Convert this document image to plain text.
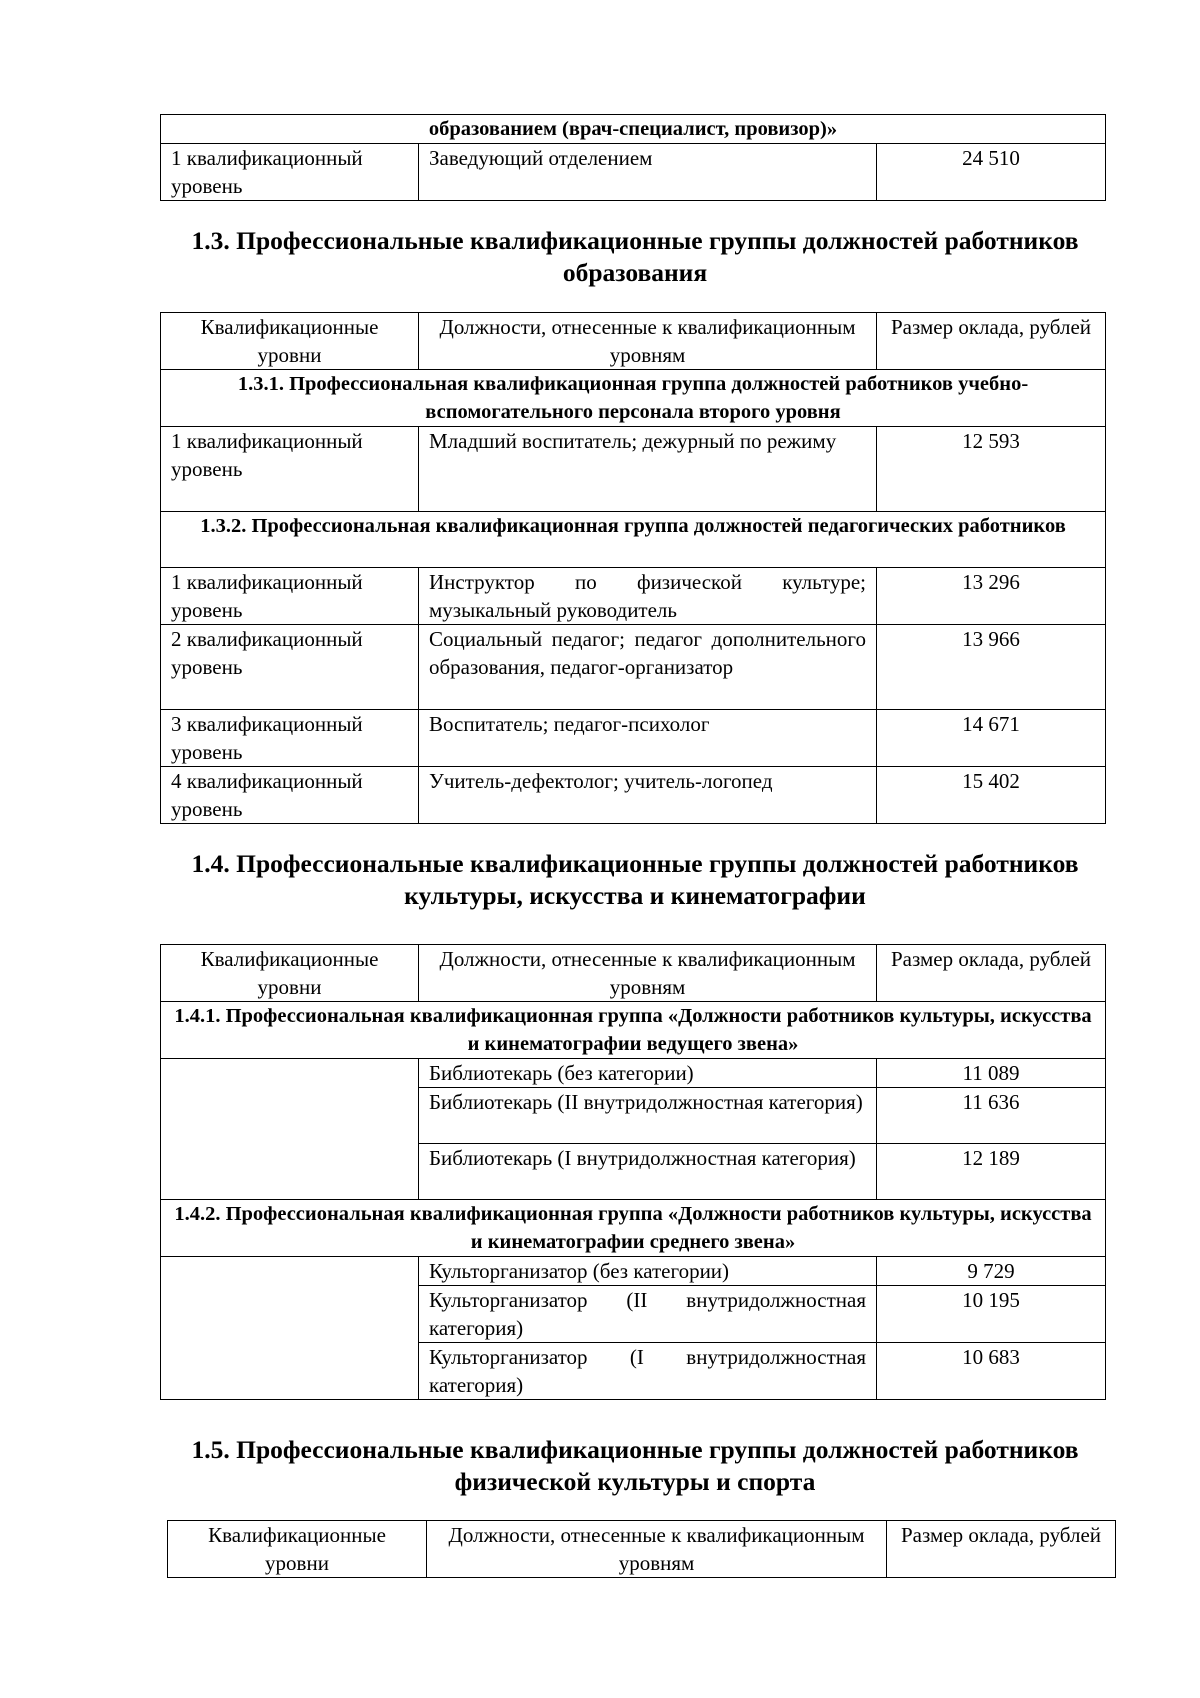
образованием (врач-специалист, провизор)»
1 квалификационный уровень	Заведующий отделением	24 510
1.3. Профессиональные квалификационные группы должностей работников образования
Квалификационные уровни	Должности, отнесенные к квалификационным уровням	Размер оклада, рублей
1.3.1. Профессиональная квалификационная группа должностей работников учебно-вспомогательного персонала второго уровня		
1 квалификационный уровень	Младший воспитатель; дежурный по режиму	12 593
1.3.2. Профессиональная квалификационная группа должностей педагогических работников		
1 квалификационный уровень	Инструктор по физической культуре; музыкальный руководитель	13 296
2 квалификационный уровень	Социальный педагог; педагог дополнительного образования, педагог-организатор	13 966
3 квалификационный уровень	Воспитатель; педагог-психолог	14 671
4 квалификационный уровень	Учитель-дефектолог; учитель-логопед	15 402
1.4. Профессиональные квалификационные группы должностей работников культуры, искусства и кинематографии
Квалификационные уровни	Должности, отнесенные к квалификационным уровням	Размер оклада, рублей
1.4.1. Профессиональная квалификационная группа «Должности работников культуры, искусства и кинематографии ведущего звена»		
	Библиотекарь (без категории)	11 089
	Библиотекарь (II внутридолжностная категория)	11 636
	Библиотекарь (I внутридолжностная категория)	12 189
1.4.2. Профессиональная квалификационная группа «Должности работников культуры, искусства и кинематографии среднего звена»		
	Культорганизатор (без категории)	9 729
	Культорганизатор (II внутридолжностная категория)	10 195
	Культорганизатор (I внутридолжностная категория)	10 683
1.5. Профессиональные квалификационные группы должностей работников физической культуры и спорта
Квалификационные уровни	Должности, отнесенные к квалификационным уровням	Размер оклада, рублей
